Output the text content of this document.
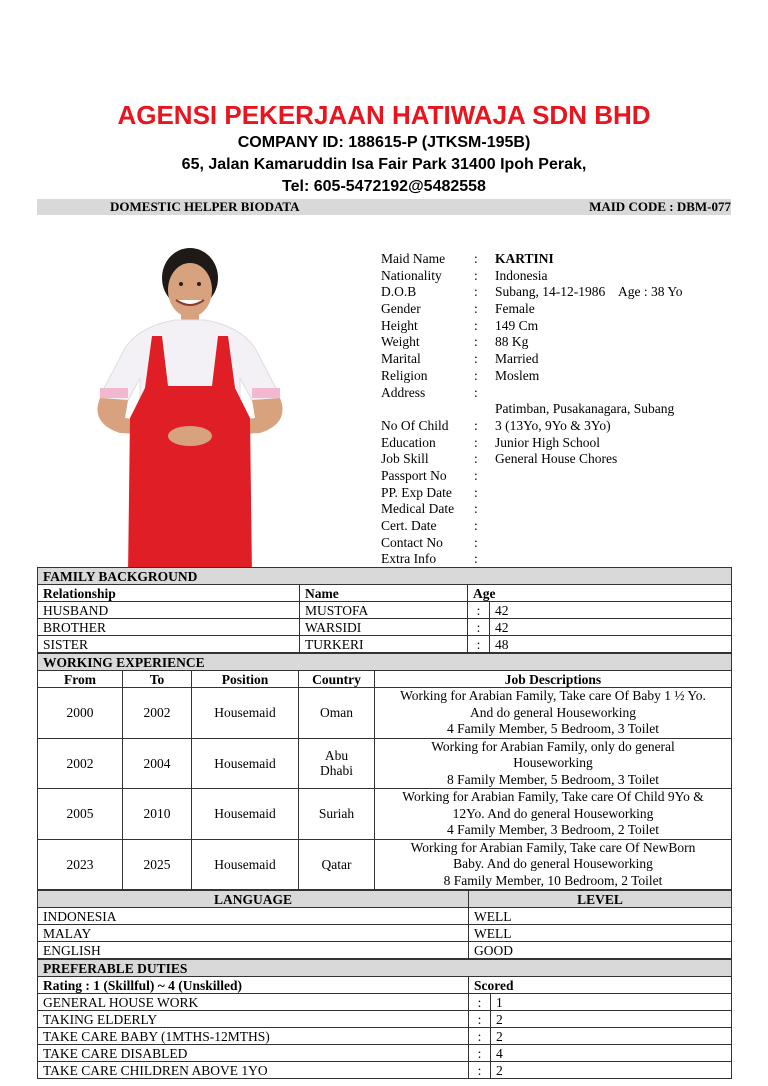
AGENSI PEKERJAAN HATIWAJA SDN BHD
COMPANY ID: 188615-P (JTKSM-195B)
65, Jalan Kamaruddin Isa Fair Park 31400 Ipoh Perak,
Tel: 605-5472192@5482558
DOMESTIC HELPER BIODATA	MAID CODE : DBM-077
Maid Name	: KARTINI
Nationality	: Indonesia
D.O.B	: Subang, 14-12-1986    Age : 38 Yo
Gender	: Female
Height	: 149 Cm
Weight	: 88 Kg
Marital	: Married
Religion	: Moslem
Address	:
Patimban, Pusakanagara, Subang
No Of Child	: 3 (13Yo, 9Yo & 3Yo)
Education	: Junior High School
Job Skill	: General House Chores
Passport No	:
PP. Exp Date	:
Medical Date	:
Cert. Date	:
Contact No	:
Extra Info	:
FAMILY BACKGROUND			
Relationship	Name	Age	
HUSBAND	MUSTOFA	:	42
BROTHER	WARSIDI	:	42
SISTER	TURKERI	:	48
WORKING EXPERIENCE				
From	To	Position	Country	Job Descriptions
2000	2002	Housemaid	Oman	Working for Arabian Family, Take care Of Baby 1 ½ Yo.
And do general Houseworking
4 Family Member, 5 Bedroom, 3 Toilet

2002	2004	Housemaid	Abu Dhabi	Working for Arabian Family, only do general
Houseworking
8 Family Member, 5 Bedroom, 3 Toilet

2005	2010	Housemaid	Suriah	Working for Arabian Family, Take care Of Child 9Yo &
12Yo. And do general Houseworking
4 Family Member, 3 Bedroom, 2 Toilet

2023	2025	Housemaid	Qatar	Working for Arabian Family, Take care Of NewBorn
Baby. And do general Houseworking
8 Family Member, 10 Bedroom, 2 Toilet
LANGUAGE	LEVEL
INDONESIA	WELL
MALAY	WELL
ENGLISH	GOOD
PREFERABLE DUTIES		
Rating : 1 (Skillful) ~ 4 (Unskilled)	Scored	
GENERAL HOUSE WORK	:	1
TAKING ELDERLY	:	2
TAKE CARE BABY (1MTHS-12MTHS)	:	2
TAKE CARE DISABLED	:	4
TAKE CARE CHILDREN ABOVE 1YO	:	2
